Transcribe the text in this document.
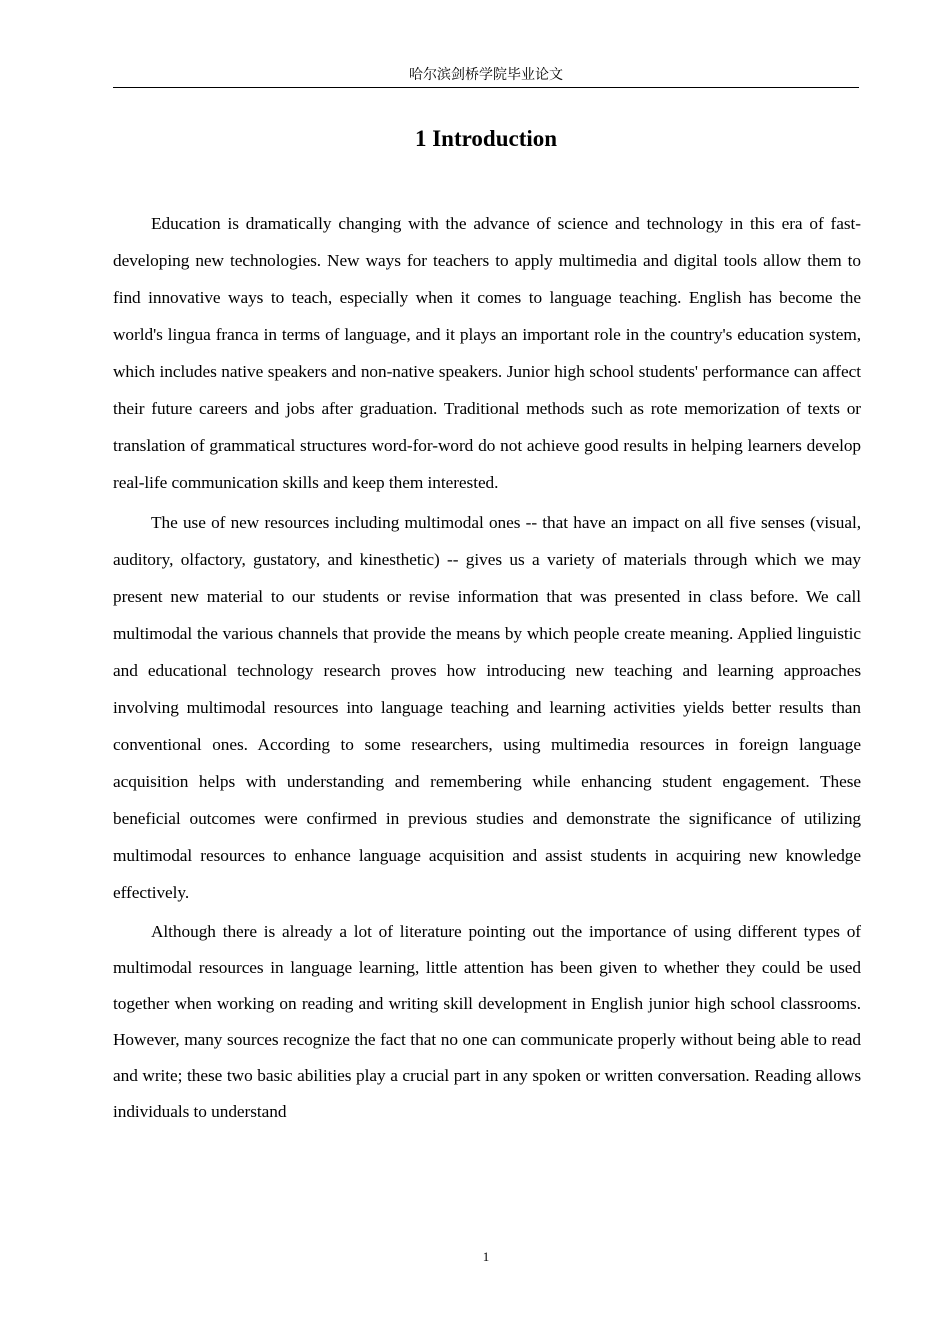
哈尔滨剑桥学院毕业论文
1 Introduction

Education is dramatically changing with the advance of science and technology in this era of fast-developing new technologies. New ways for teachers to apply multimedia and digital tools allow them to find innovative ways to teach, especially when it comes to language teaching. English has become the world's lingua franca in terms of language, and it plays an important role in the country's education system, which includes native speakers and non-native speakers. Junior high school students' performance can affect their future careers and jobs after graduation. Traditional methods such as rote memorization of texts or translation of grammatical structures word-for-word do not achieve good results in helping learners develop real-life communication skills and keep them interested.

The use of new resources including multimodal ones -- that have an impact on all five senses (visual, auditory, olfactory, gustatory, and kinesthetic) -- gives us a variety of materials through which we may present new material to our students or revise information that was presented in class before. We call multimodal the various channels that provide the means by which people create meaning. Applied linguistic and educational technology research proves how introducing new teaching and learning approaches involving multimodal resources into language teaching and learning activities yields better results than conventional ones. According to some researchers, using multimedia resources in foreign language acquisition helps with understanding and remembering while enhancing student engagement. These beneficial outcomes were confirmed in previous studies and demonstrate the significance of utilizing multimodal resources to enhance language acquisition and assist students in acquiring new knowledge effectively.

Although there is already a lot of literature pointing out the importance of using different types of multimodal resources in language learning, little attention has been given to whether they could be used together when working on reading and writing skill development in English junior high school classrooms. However, many sources recognize the fact that no one can communicate properly without being able to read and write; these two basic abilities play a crucial part in any spoken or written conversation. Reading allows individuals to understand

1
